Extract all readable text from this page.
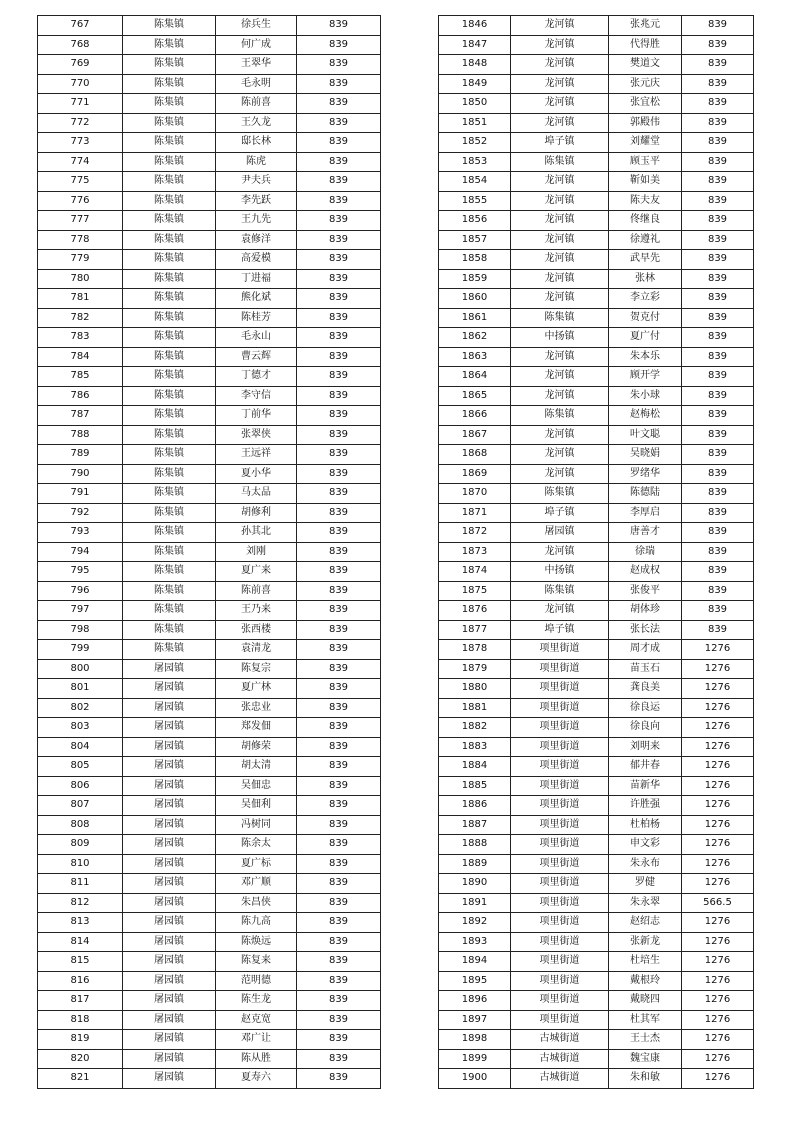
767	陈集镇	徐兵生	839
768	陈集镇	何广成	839
769	陈集镇	王翠华	839
770	陈集镇	毛永明	839
771	陈集镇	陈前喜	839
772	陈集镇	王久龙	839
773	陈集镇	邸长林	839
774	陈集镇	陈虎	839
775	陈集镇	尹夫兵	839
776	陈集镇	李先跃	839
777	陈集镇	王九先	839
778	陈集镇	袁修洋	839
779	陈集镇	高爱模	839
780	陈集镇	丁进福	839
781	陈集镇	熊化斌	839
782	陈集镇	陈桂芳	839
783	陈集镇	毛永山	839
784	陈集镇	曹云辉	839
785	陈集镇	丁德才	839
786	陈集镇	李守信	839
787	陈集镇	丁前华	839
788	陈集镇	张翠侠	839
789	陈集镇	王远祥	839
790	陈集镇	夏小华	839
791	陈集镇	马太品	839
792	陈集镇	胡修利	839
793	陈集镇	孙其北	839
794	陈集镇	刘刚	839
795	陈集镇	夏广来	839
796	陈集镇	陈前喜	839
797	陈集镇	王乃来	839
798	陈集镇	张西楼	839
799	陈集镇	袁清龙	839
800	屠园镇	陈复宗	839
801	屠园镇	夏广林	839
802	屠园镇	张忠业	839
803	屠园镇	郑发佃	839
804	屠园镇	胡修荣	839
805	屠园镇	胡太清	839
806	屠园镇	吴佃忠	839
807	屠园镇	吴佃利	839
808	屠园镇	冯树同	839
809	屠园镇	陈余太	839
810	屠园镇	夏广标	839
811	屠园镇	邓广顺	839
812	屠园镇	朱昌侠	839
813	屠园镇	陈九高	839
814	屠园镇	陈焕远	839
815	屠园镇	陈复来	839
816	屠园镇	范明德	839
817	屠园镇	陈生龙	839
818	屠园镇	赵克宽	839
819	屠园镇	邓广让	839
820	屠园镇	陈从胜	839
821	屠园镇	夏寿六	839
1846	龙河镇	张兆元	839
1847	龙河镇	代得胜	839
1848	龙河镇	樊道文	839
1849	龙河镇	张元庆	839
1850	龙河镇	张宜松	839
1851	龙河镇	郭殿伟	839
1852	埠子镇	刘耀堂	839
1853	陈集镇	顾玉平	839
1854	龙河镇	靳如美	839
1855	龙河镇	陈夫友	839
1856	龙河镇	佟继良	839
1857	龙河镇	徐遵礼	839
1858	龙河镇	武早先	839
1859	龙河镇	张林	839
1860	龙河镇	李立彩	839
1861	陈集镇	贺克付	839
1862	中扬镇	夏广付	839
1863	龙河镇	朱本乐	839
1864	龙河镇	顾开学	839
1865	龙河镇	朱小球	839
1866	陈集镇	赵梅松	839
1867	龙河镇	叶文聪	839
1868	龙河镇	吴晓娟	839
1869	龙河镇	罗绪华	839
1870	陈集镇	陈德陆	839
1871	埠子镇	李厚启	839
1872	屠园镇	唐善才	839
1873	龙河镇	徐瑞	839
1874	中扬镇	赵成权	839
1875	陈集镇	张俊平	839
1876	龙河镇	胡体珍	839
1877	埠子镇	张长法	839
1878	项里街道	周才成	1276
1879	项里街道	苗玉石	1276
1880	项里街道	龚良美	1276
1881	项里街道	徐良运	1276
1882	项里街道	徐良向	1276
1883	项里街道	刘明来	1276
1884	项里街道	郁井春	1276
1885	项里街道	苗新华	1276
1886	项里街道	许胜强	1276
1887	项里街道	杜柏杨	1276
1888	项里街道	申文彩	1276
1889	项里街道	朱永布	1276
1890	项里街道	罗健	1276
1891	项里街道	朱永翠	566.5
1892	项里街道	赵绍志	1276
1893	项里街道	张新龙	1276
1894	项里街道	杜培生	1276
1895	项里街道	戴根玲	1276
1896	项里街道	戴晓四	1276
1897	项里街道	杜其军	1276
1898	古城街道	王士杰	1276
1899	古城街道	魏宝康	1276
1900	古城街道	朱和敏	1276
